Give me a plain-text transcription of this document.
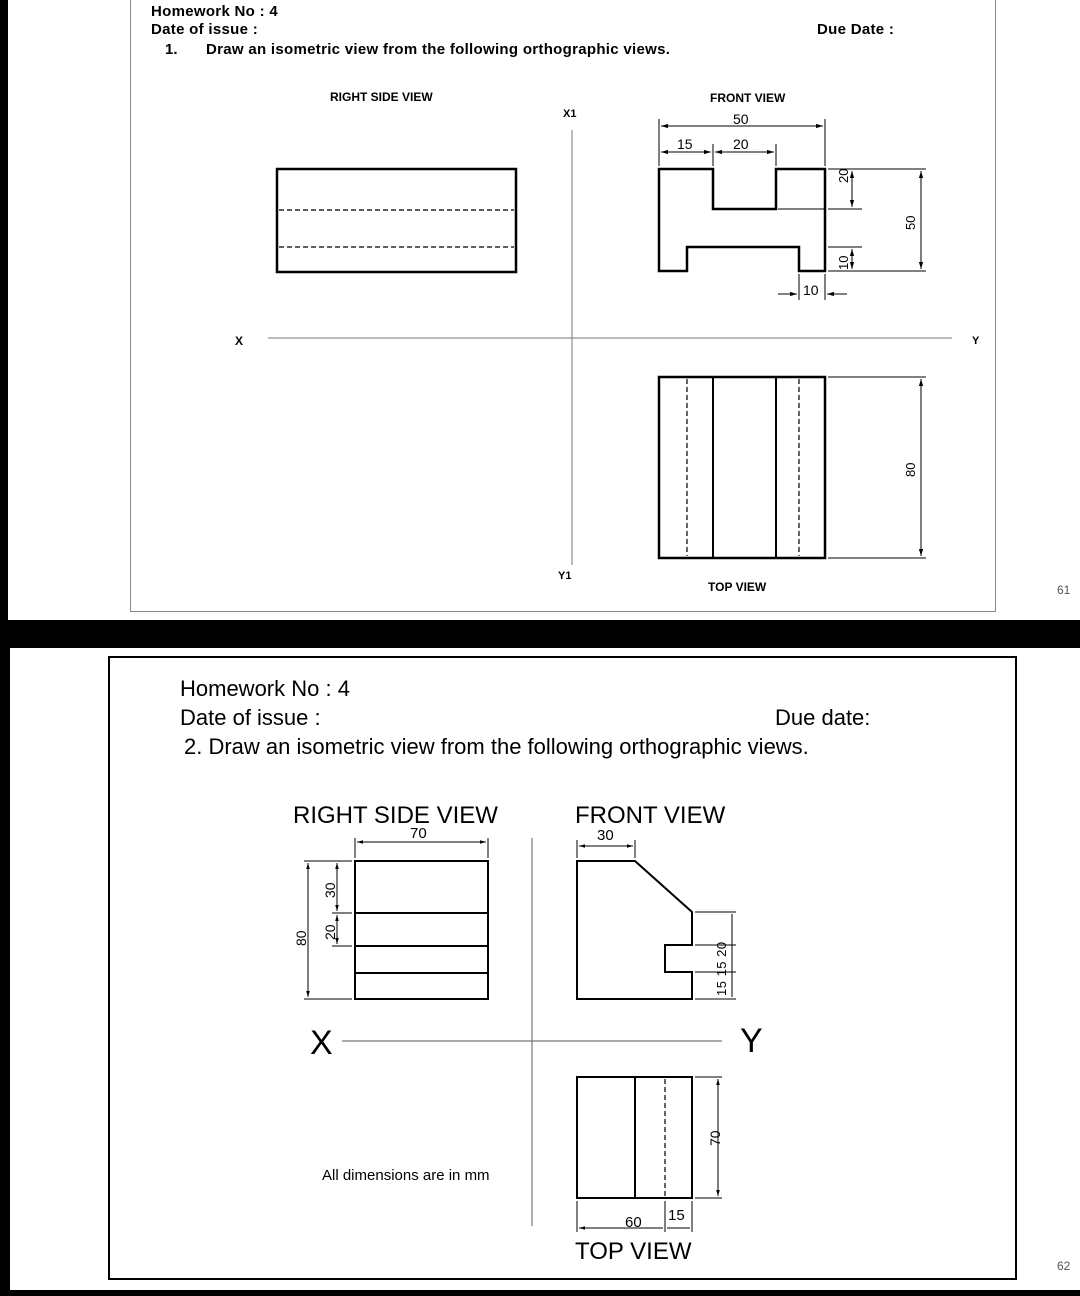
Homework No : 4
Date of issue :	Due Date :
1. Draw an isometric view from the following orthographic views.
RIGHT SIDE VIEW	FRONT VIEW
TOP VIEW
X	Y
X1
Y1
50
15	20
20
10
10
50
80
61
Homework No : 4
Date of issue :	Due date:
2. Draw an isometric view from the following orthographic views.
RIGHT SIDE VIEW	FRONT VIEW
TOP VIEW
X	Y
70
80
30
20
30
15 15 20
70
60 15
All dimensions are in mm
62
